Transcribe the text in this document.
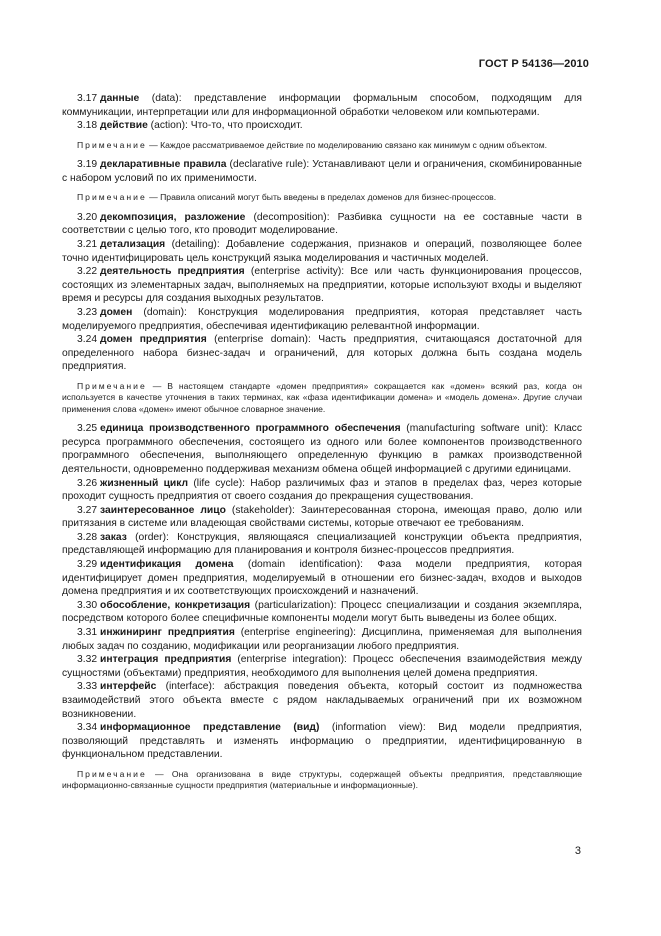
ГОСТ Р 54136—2010

3.17 данные (data): представление информации формальным способом, подходящим для коммуникации, интерпретации или для информационной обработки человеком или компьютерами.

3.18 действие (action): Что-то, что происходит.

Примечание — Каждое рассматриваемое действие по моделированию связано как минимум с одним объектом.

3.19 декларативные правила (declarative rule): Устанавливают цели и ограничения, скомбинированные с набором условий по их применимости.

Примечание — Правила описаний могут быть введены в пределах доменов для бизнес-процессов.

3.20 декомпозиция, разложение (decomposition): Разбивка сущности на ее составные части в соответствии с целью того, кто проводит моделирование.

3.21 детализация (detailing): Добавление содержания, признаков и операций, позволяющее более точно идентифицировать цель конструкций языка моделирования и частичных моделей.

3.22 деятельность предприятия (enterprise activity): Все или часть функционирования процессов, состоящих из элементарных задач, выполняемых на предприятии, которые используют входы и выделяют время и ресурсы для создания выходных результатов.

3.23 домен (domain): Конструкция моделирования предприятия, которая представляет часть моделируемого предприятия, обеспечивая идентификацию релевантной информации.

3.24 домен предприятия (enterprise domain): Часть предприятия, считающаяся достаточной для определенного набора бизнес-задач и ограничений, для которых должна быть создана модель предприятия.

Примечание — В настоящем стандарте «домен предприятия» сокращается как «домен» всякий раз, когда он используется в качестве уточнения в таких терминах, как «фаза идентификации домена» и «модель домена». Другие случаи применения слова «домен» имеют обычное словарное значение.

3.25 единица производственного программного обеспечения (manufacturing software unit): Класс ресурса программного обеспечения, состоящего из одного или более компонентов производственного программного обеспечения, выполняющего определенную функцию в рамках производственной деятельности, одновременно поддерживая механизм обмена общей информацией с другими единицами.

3.26 жизненный цикл (life cycle): Набор различимых фаз и этапов в пределах фаз, через которые проходит сущность предприятия от своего создания до прекращения существования.

3.27 заинтересованное лицо (stakeholder): Заинтересованная сторона, имеющая право, долю или притязания в системе или владеющая свойствами системы, которые отвечают ее требованиям.

3.28 заказ (order): Конструкция, являющаяся специализацией конструкции объекта предприятия, представляющей информацию для планирования и контроля бизнес-процессов предприятия.

3.29 идентификация домена (domain identification): Фаза модели предприятия, которая идентифицирует домен предприятия, моделируемый в отношении его бизнес-задач, входов и выходов домена предприятия и их соответствующих происхождений и назначений.

3.30 обособление, конкретизация (particularization): Процесс специализации и создания экземпляра, посредством которого более специфичные компоненты модели могут быть выведены из более общих.

3.31 инжиниринг предприятия (enterprise engineering): Дисциплина, применяемая для выполнения любых задач по созданию, модификации или реорганизации любого предприятия.

3.32 интеграция предприятия (enterprise integration): Процесс обеспечения взаимодействия между сущностями (объектами) предприятия, необходимого для выполнения целей домена предприятия.

3.33 интерфейс (interface): абстракция поведения объекта, который состоит из подмножества взаимодействий этого объекта вместе с рядом накладываемых ограничений при их возможном возникновении.

3.34 информационное представление (вид) (information view): Вид модели предприятия, позволяющий представлять и изменять информацию о предприятии, идентифицированную в функциональном представлении.

Примечание — Она организована в виде структуры, содержащей объекты предприятия, представляющие информационно-связанные сущности предприятия (материальные и информационные).

3
